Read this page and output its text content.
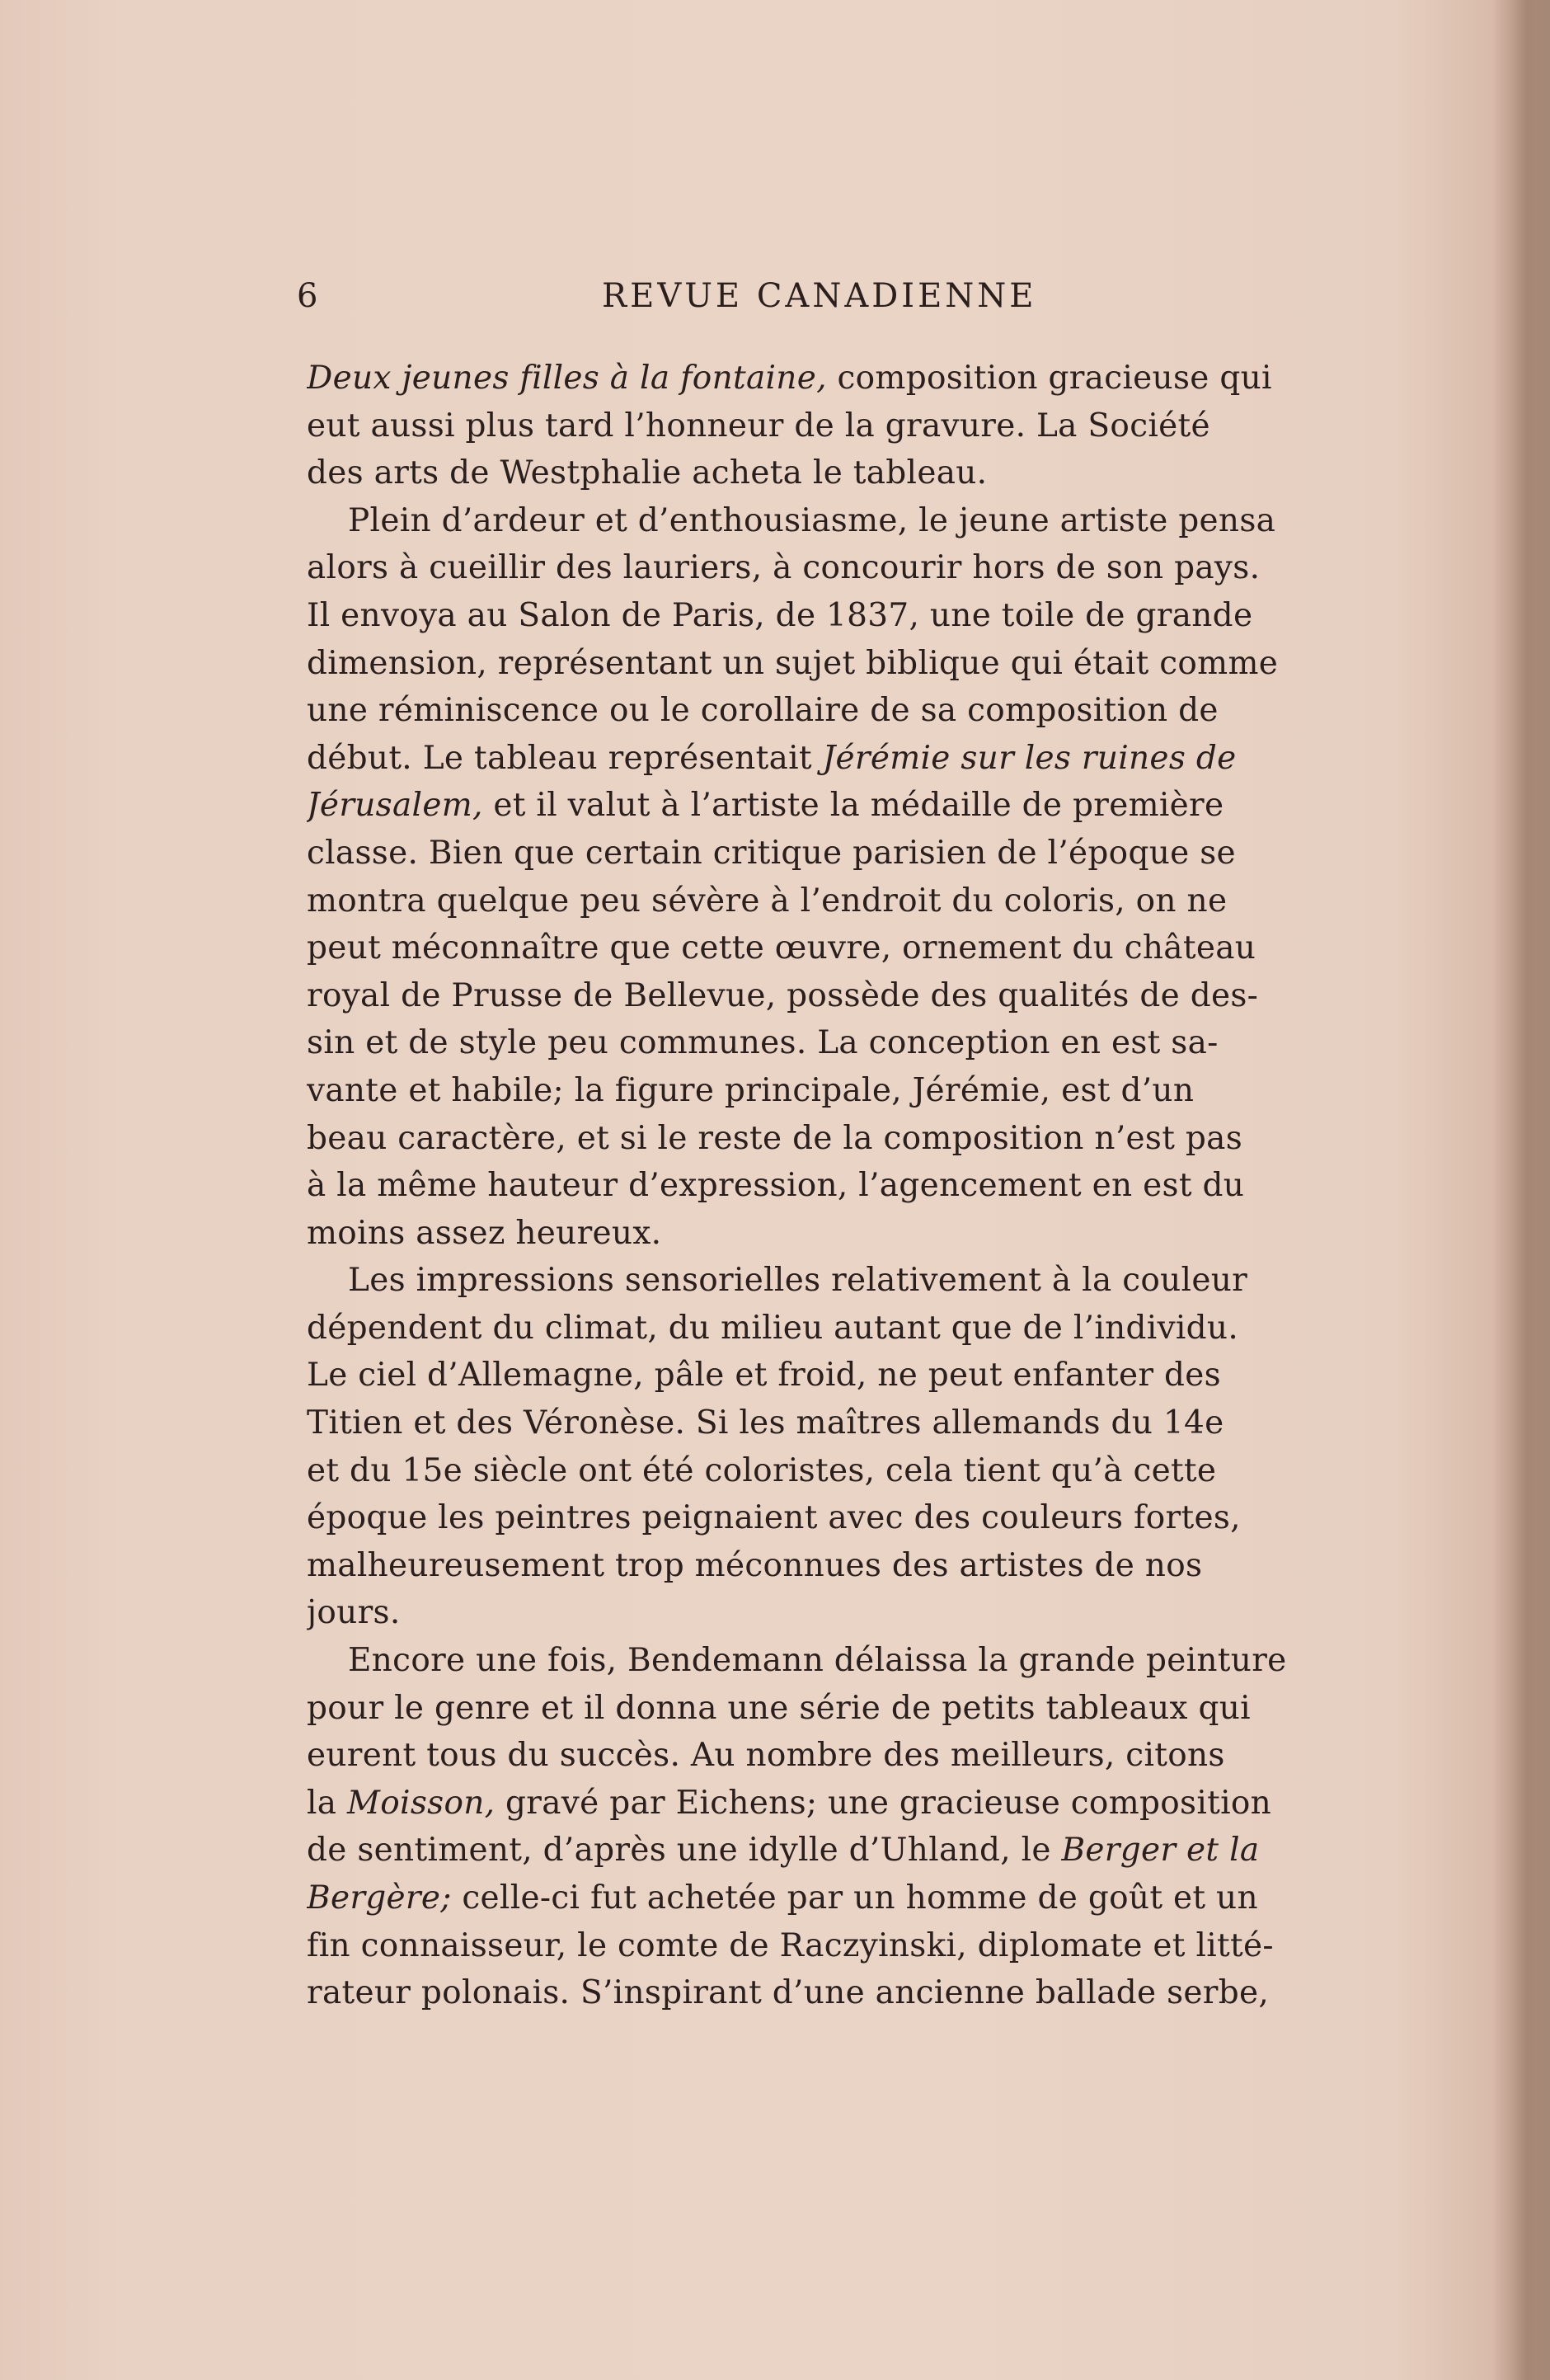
6	REVUE CANADIENNE
Deux jeunes filles à la fontaine, composition gracieuse qui
eut aussi plus tard l’honneur de la gravure. La Société
des arts de Westphalie acheta le tableau.
Plein d’ardeur et d’enthousiasme, le jeune artiste pensa
alors à cueillir des lauriers, à concourir hors de son pays.
Il envoya au Salon de Paris, de 1837, une toile de grande
dimension, représentant un sujet biblique qui était comme
une réminiscence ou le corollaire de sa composition de
début. Le tableau représentait Jérémie sur les ruines de
Jérusalem, et il valut à l’artiste la médaille de première
classe. Bien que certain critique parisien de l’époque se
montra quelque peu sévère à l’endroit du coloris, on ne
peut méconnaître que cette œuvre, ornement du château
royal de Prusse de Bellevue, possède des qualités de des-
sin et de style peu communes. La conception en est sa-
vante et habile; la figure principale, Jérémie, est d’un
beau caractère, et si le reste de la composition n’est pas
à la même hauteur d’expression, l’agencement en est du
moins assez heureux.
Les impressions sensorielles relativement à la couleur
dépendent du climat, du milieu autant que de l’individu.
Le ciel d’Allemagne, pâle et froid, ne peut enfanter des
Titien et des Véronèse. Si les maîtres allemands du 14e
et du 15e siècle ont été coloristes, cela tient qu’à cette
époque les peintres peignaient avec des couleurs fortes,
malheureusement trop méconnues des artistes de nos
jours.
Encore une fois, Bendemann délaissa la grande peinture
pour le genre et il donna une série de petits tableaux qui
eurent tous du succès. Au nombre des meilleurs, citons
la Moisson, gravé par Eichens; une gracieuse composition
de sentiment, d’après une idylle d’Uhland, le Berger et la
Bergère; celle-ci fut achetée par un homme de goût et un
fin connaisseur, le comte de Raczyinski, diplomate et litté-
rateur polonais. S’inspirant d’une ancienne ballade serbe,
